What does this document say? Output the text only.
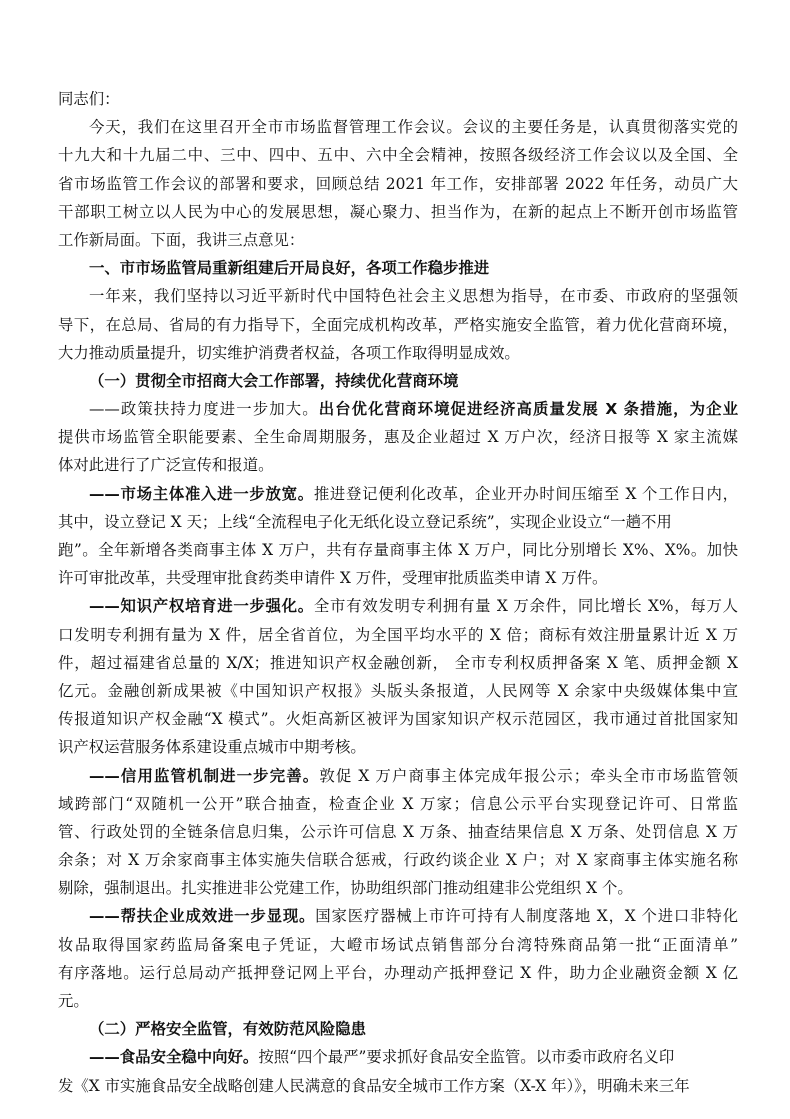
同志们：
今天，我们在这里召开全市市场监督管理工作会议。会议的主要任务是，认真贯彻落实党的
十九大和十九届二中、三中、四中、五中、六中全会精神，按照各级经济工作会议以及全国、全
省市场监管工作会议的部署和要求，回顾总结 2021 年工作，安排部署 2022 年任务，动员广大
干部职工树立以人民为中心的发展思想，凝心聚力、担当作为，在新的起点上不断开创市场监管
工作新局面。下面，我讲三点意见：
一、市市场监管局重新组建后开局良好，各项工作稳步推进
一年来，我们坚持以习近平新时代中国特色社会主义思想为指导，在市委、市政府的坚强领
导下，在总局、省局的有力指导下，全面完成机构改革，严格实施安全监管，着力优化营商环境，
大力推动质量提升，切实维护消费者权益，各项工作取得明显成效。
（一）贯彻全市招商大会工作部署，持续优化营商环境
——政策扶持力度进一步加大。出台优化营商环境促进经济高质量发展 X 条措施，为企业
提供市场监管全职能要素、全生命周期服务，惠及企业超过 X 万户次，经济日报等 X 家主流媒
体对此进行了广泛宣传和报道。
——市场主体准入进一步放宽。推进登记便利化改革，企业开办时间压缩至 X 个工作日内，
其中，设立登记 X 天；上线“全流程电子化无纸化设立登记系统”，实现企业设立“一趟不用
跑”。全年新增各类商事主体 X 万户，共有存量商事主体 X 万户，同比分别增长 X%、X%。加快
许可审批改革，共受理审批食药类申请件 X 万件，受理审批质监类申请 X 万件。
——知识产权培育进一步强化。全市有效发明专利拥有量 X 万余件，同比增长 X%，每万人
口发明专利拥有量为 X 件，居全省首位，为全国平均水平的 X 倍；商标有效注册量累计近 X 万
件，超过福建省总量的 X/X；推进知识产权金融创新， 全市专利权质押备案 X 笔、质押金额 X
亿元。金融创新成果被《中国知识产权报》头版头条报道，人民网等 X 余家中央级媒体集中宣
传报道知识产权金融“X 模式”。火炬高新区被评为国家知识产权示范园区，我市通过首批国家知
识产权运营服务体系建设重点城市中期考核。
——信用监管机制进一步完善。敦促 X 万户商事主体完成年报公示；牵头全市市场监管领
域跨部门“双随机一公开”联合抽查，检查企业 X 万家；信息公示平台实现登记许可、日常监
管、行政处罚的全链条信息归集，公示许可信息 X 万条、抽查结果信息 X 万条、处罚信息 X 万
余条；对 X 万余家商事主体实施失信联合惩戒，行政约谈企业 X 户；对 X 家商事主体实施名称
剔除，强制退出。扎实推进非公党建工作，协助组织部门推动组建非公党组织 X 个。
——帮扶企业成效进一步显现。国家医疗器械上市许可持有人制度落地 X，X 个进口非特化
妆品取得国家药监局备案电子凭证，大嶝市场试点销售部分台湾特殊商品第一批“正面清单”
有序落地。运行总局动产抵押登记网上平台，办理动产抵押登记 X 件，助力企业融资金额 X 亿
元。
（二）严格安全监管，有效防范风险隐患
——食品安全稳中向好。按照“四个最严”要求抓好食品安全监管。以市委市政府名义印
发《X 市实施食品安全战略创建人民满意的食品安全城市工作方案（X-X 年）》，明确未来三年
